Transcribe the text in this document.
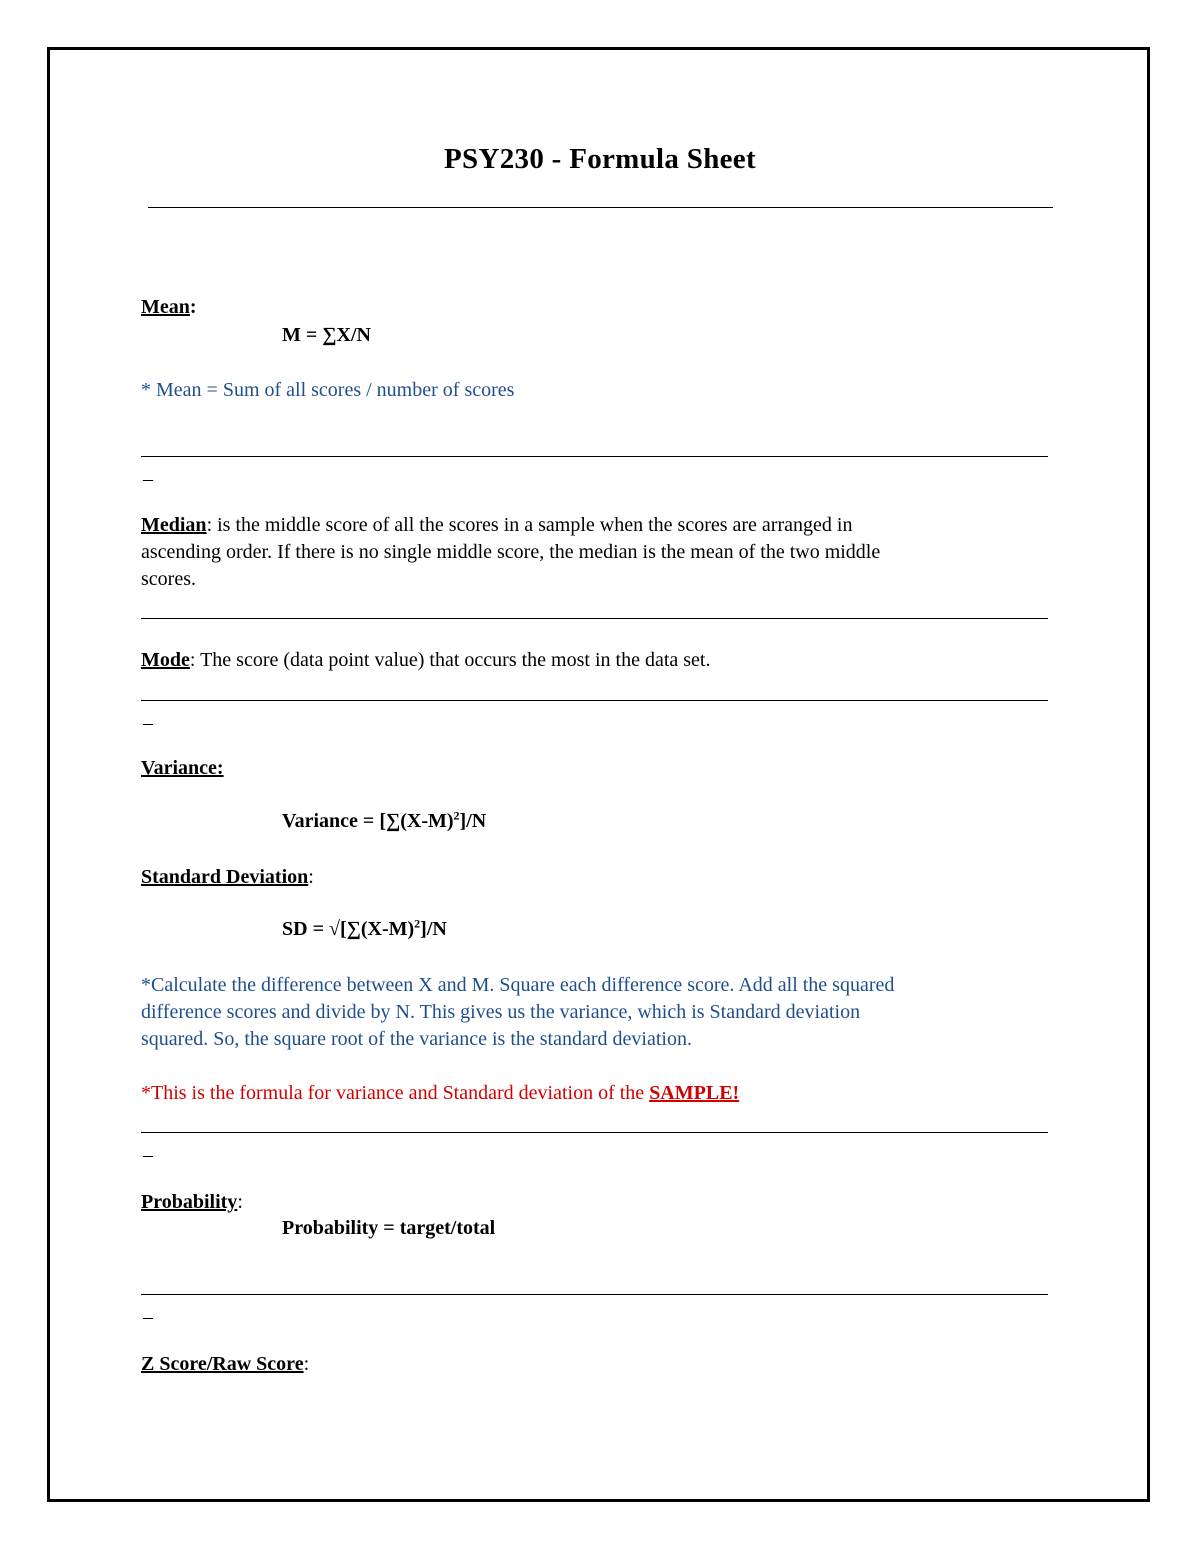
PSY230 - Formula Sheet
Mean:
M = ∑X/N
* Mean = Sum of all scores / number of scores
–
Median: is the middle score of all the scores in a sample when the scores are arranged in
ascending order. If there is no single middle score, the median is the mean of the two middle
scores.
Mode: The score (data point value) that occurs the most in the data set.
–
Variance:
Variance = $[\sum(X-M)^2]/N$
Standard Deviation:
SD = $√[\sum(X-M)^2]/N$
*Calculate the difference between X and M. Square each difference score. Add all the squared
difference scores and divide by N. This gives us the variance, which is Standard deviation
squared. So, the square root of the variance is the standard deviation.
*This is the formula for variance and Standard deviation of the SAMPLE!
–
Probability:
Probability = target/total
–
Z Score/Raw Score:
